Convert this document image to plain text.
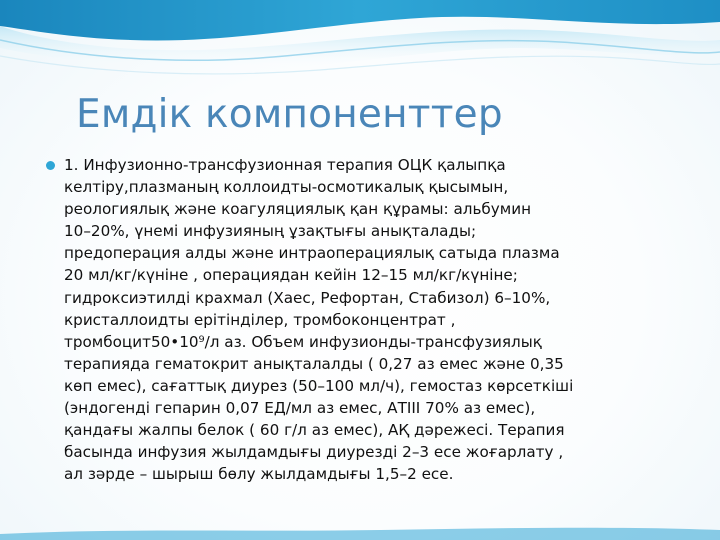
Емдік компоненттер

1. Инфузионно-трансфузионная терапия ОЦК қалыпқа
келтіру,плазманың коллоидты-осмотикалық қысымын,
реологиялық және коагуляциялық қан құрамы: альбумин
10–20%, үнемі инфузияның ұзақтығы анықталады;
предоперация алды және интраоперациялық сатыда плазма
20 мл/кг/күніне , операциядан кейін 12–15 мл/кг/күніне;
гидроксиэтилді крахмал (Хаес, Рефортан, Стабизол) 6–10%,
кристаллоидты ерітінділер, тромбоконцентрат ,
тромбоцит50•10⁹/л аз. Объем инфузионды-трансфузиялық
терапияда гематокрит анықталалды ( 0,27 аз емес және 0,35
көп емес), сағаттық диурез (50–100 мл/ч), гемостаз көрсеткіші
(эндогенді гепарин 0,07 ЕД/мл аз емес, АТIII 70% аз емес),
қандағы жалпы белок ( 60 г/л аз емес), АҚ дәрежесі. Терапия
басында инфузия жылдамдығы диурезді 2–3 есе жоғарлату ,
ал зәрде – шырыш бөлу жылдамдығы 1,5–2 есе.
